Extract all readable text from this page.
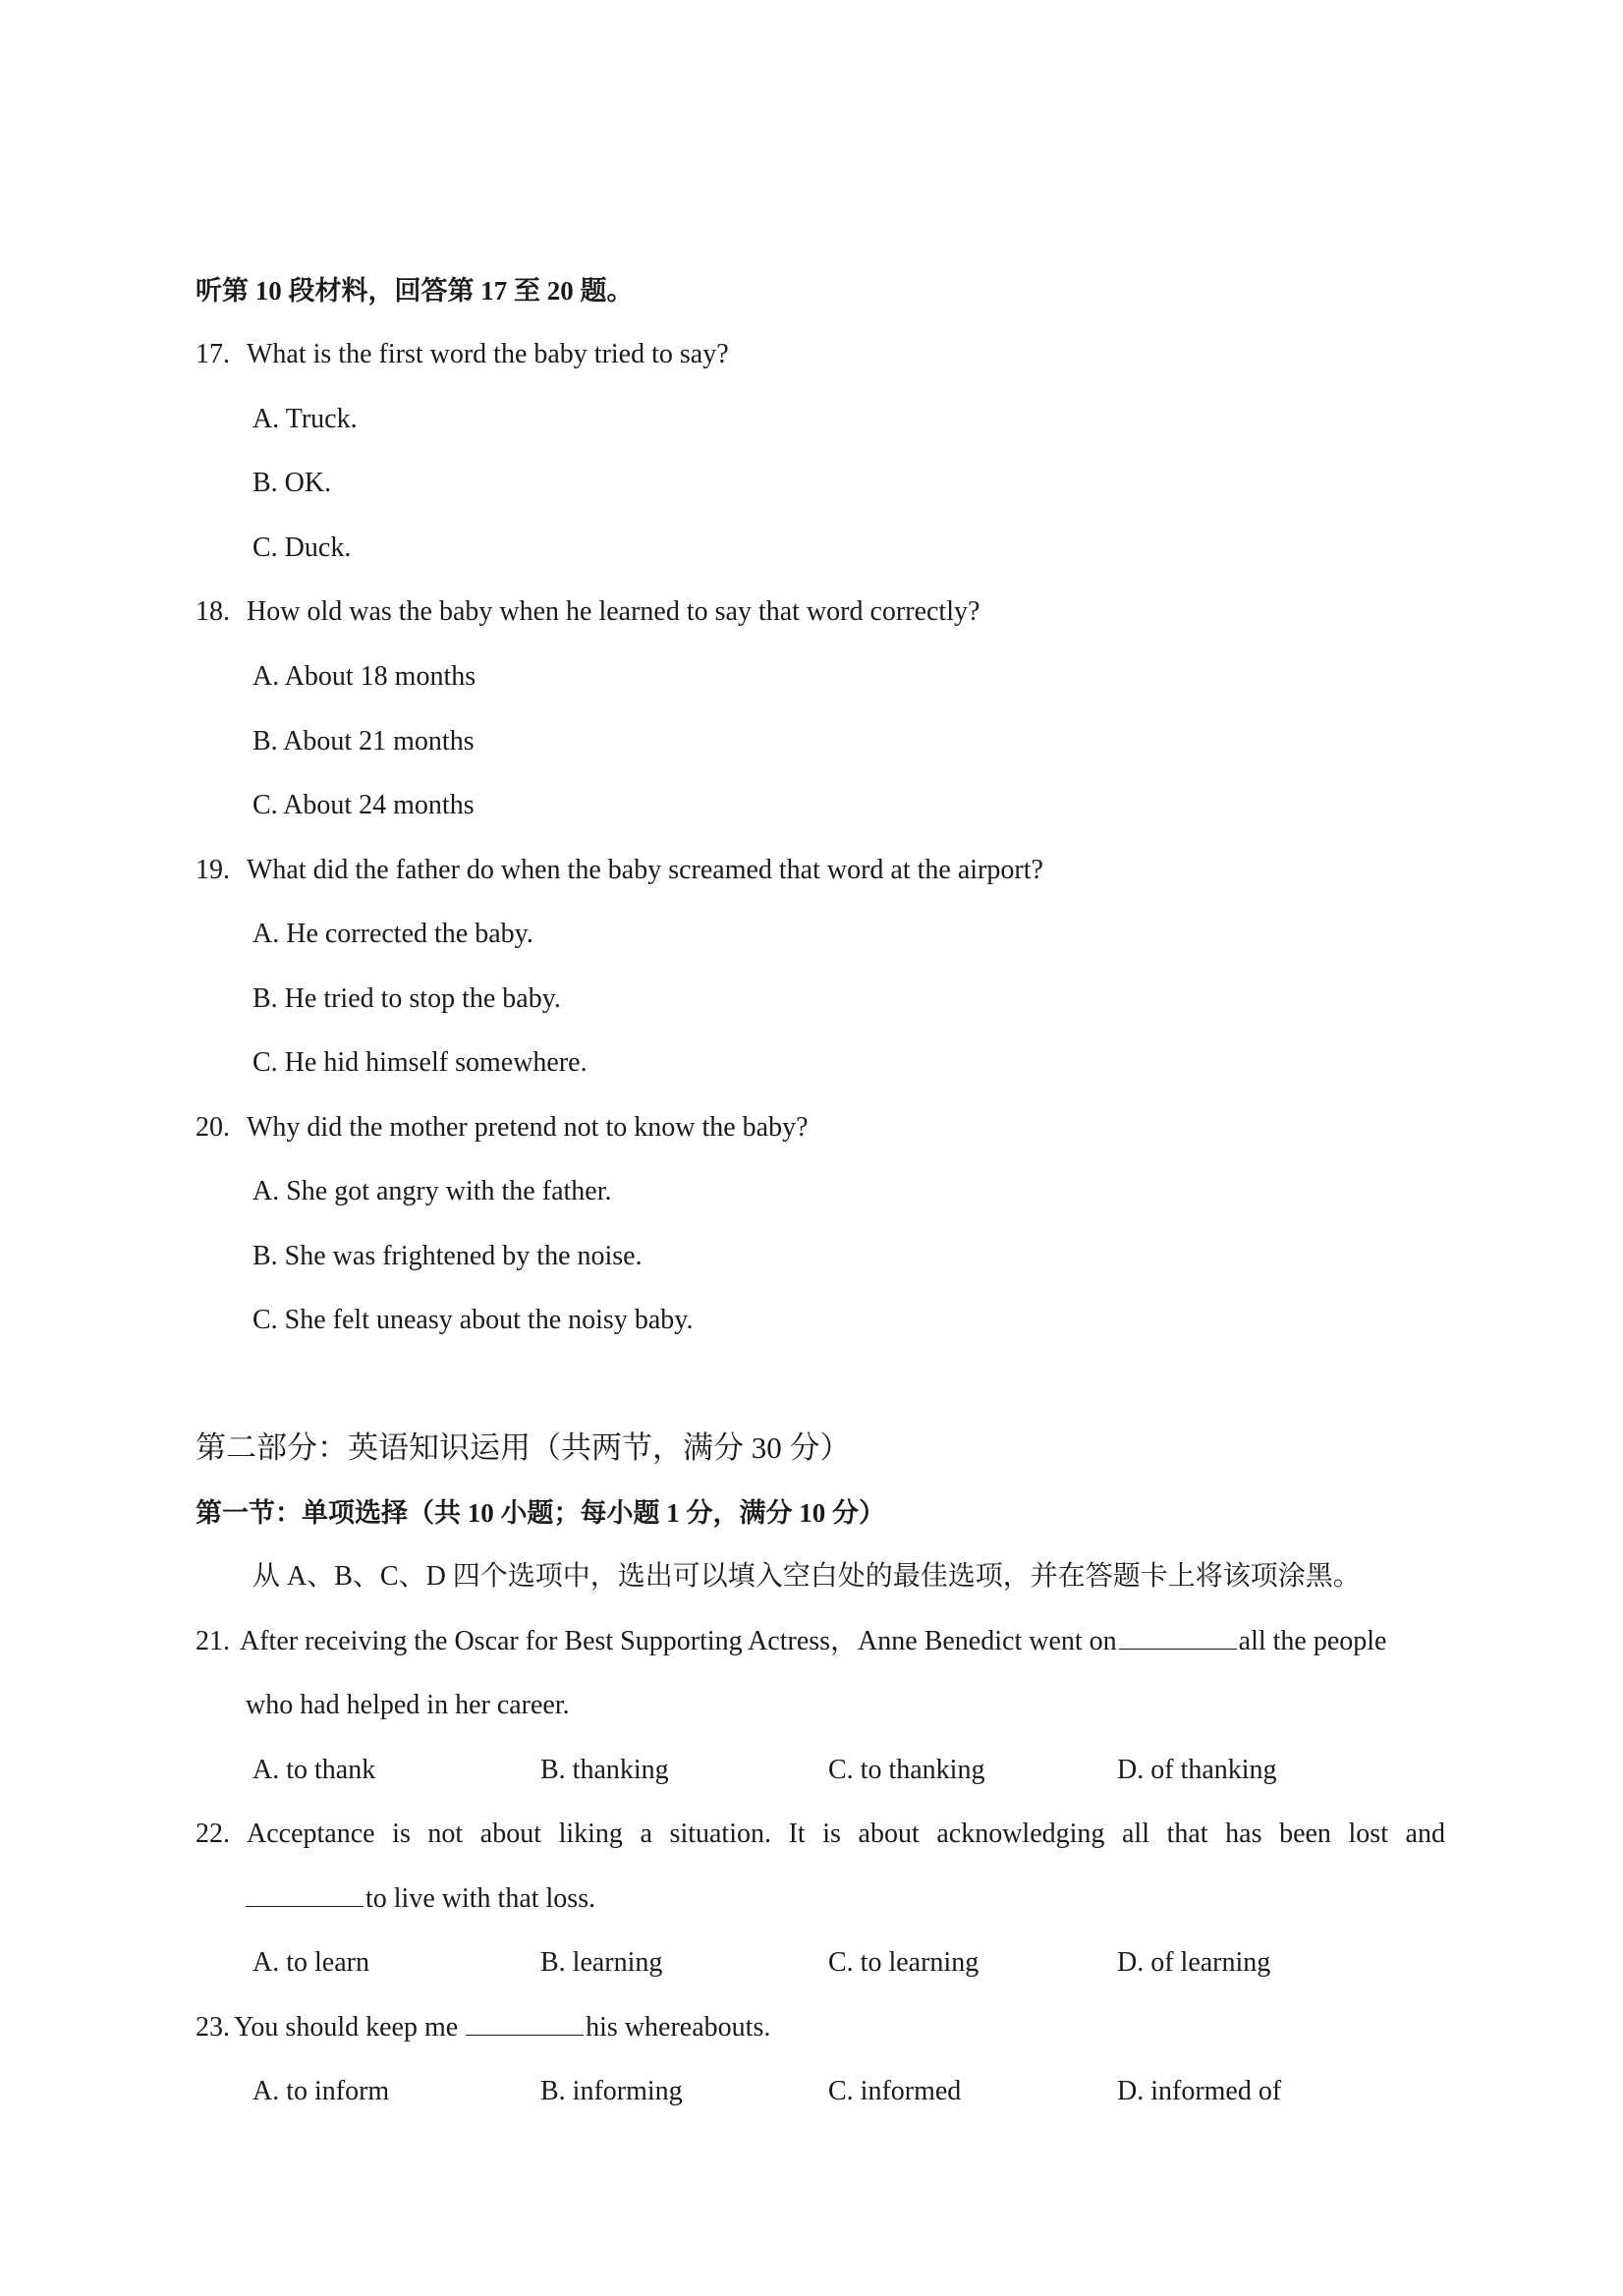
听第 10 段材料，回答第 17 至 20 题。
17. What is the first word the baby tried to say?
A. Truck.
B. OK.
C. Duck.
18. How old was the baby when he learned to say that word correctly?
A. About 18 months
B. About 21 months
C. About 24 months
19. What did the father do when the baby screamed that word at the airport?
A. He corrected the baby.
B. He tried to stop the baby.
C. He hid himself somewhere.
20. Why did the mother pretend not to know the baby?
A. She got angry with the father.
B. She was frightened by the noise.
C. She felt uneasy about the noisy baby.
第二部分：英语知识运用（共两节，满分 30 分）
第一节：单项选择（共 10 小题；每小题 1 分，满分 10 分）
从 A、B、C、D 四个选项中，选出可以填入空白处的最佳选项，并在答题卡上将该项涂黑。
21. After receiving the Oscar for Best Supporting Actress，Anne Benedict went on	all the people
who had helped in her career.
A. to thank	B. thanking	C. to thanking	D. of thanking
22. Acceptance is not about liking a situation. It is about acknowledging all that has been lost and
to live with that loss.
A. to learn	B. learning	C. to learning	D. of learning
23. You should keep me	his whereabouts.
A. to inform	B. informing	C. informed	D. informed of
